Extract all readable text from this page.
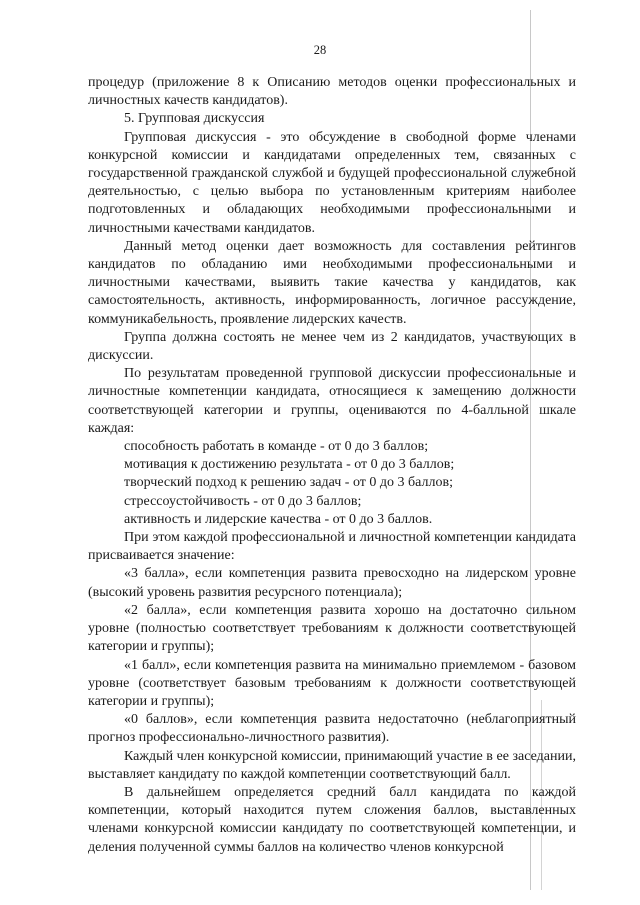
28

процедур (приложение 8 к Описанию методов оценки профессиональных и личностных качеств кандидатов).

5. Групповая дискуссия

Групповая дискуссия - это обсуждение в свободной форме членами конкурсной комиссии и кандидатами определенных тем, связанных с государственной гражданской службой и будущей профессиональной служебной деятельностью, с целью выбора по установленным критериям наиболее подготовленных и обладающих необходимыми профессиональными и личностными качествами кандидатов.

Данный метод оценки дает возможность для составления рейтингов кандидатов по обладанию ими необходимыми профессиональными и личностными качествами, выявить такие качества у кандидатов, как самостоятельность, активность, информированность, логичное рассуждение, коммуникабельность, проявление лидерских качеств.

Группа должна состоять не менее чем из 2 кандидатов, участвующих в дискуссии.

По результатам проведенной групповой дискуссии профессиональные и личностные компетенции кандидата, относящиеся к замещению должности соответствующей категории и группы, оцениваются по 4-балльной шкале каждая:

способность работать в команде - от 0 до 3 баллов;

мотивация к достижению результата - от 0 до 3 баллов;

творческий подход к решению задач - от 0 до 3 баллов;

стрессоустойчивость - от 0 до 3 баллов;

активность и лидерские качества - от 0 до 3 баллов.

При этом каждой профессиональной и личностной компетенции кандидата присваивается значение:

«3 балла», если компетенция развита превосходно на лидерском уровне (высокий уровень развития ресурсного потенциала);

«2 балла», если компетенция развита хорошо на достаточно сильном уровне (полностью соответствует требованиям к должности соответствующей категории и группы);

«1 балл», если компетенция развита на минимально приемлемом - базовом уровне (соответствует базовым требованиям к должности соответствующей категории и группы);

«0 баллов», если компетенция развита недостаточно (неблагоприятный прогноз профессионально-личностного развития).

Каждый член конкурсной комиссии, принимающий участие в ее заседании, выставляет кандидату по каждой компетенции соответствующий балл.

В дальнейшем определяется средний балл кандидата по каждой компетенции, который находится путем сложения баллов, выставленных членами конкурсной комиссии кандидату по соответствующей компетенции, и деления полученной суммы баллов на количество членов конкурсной
